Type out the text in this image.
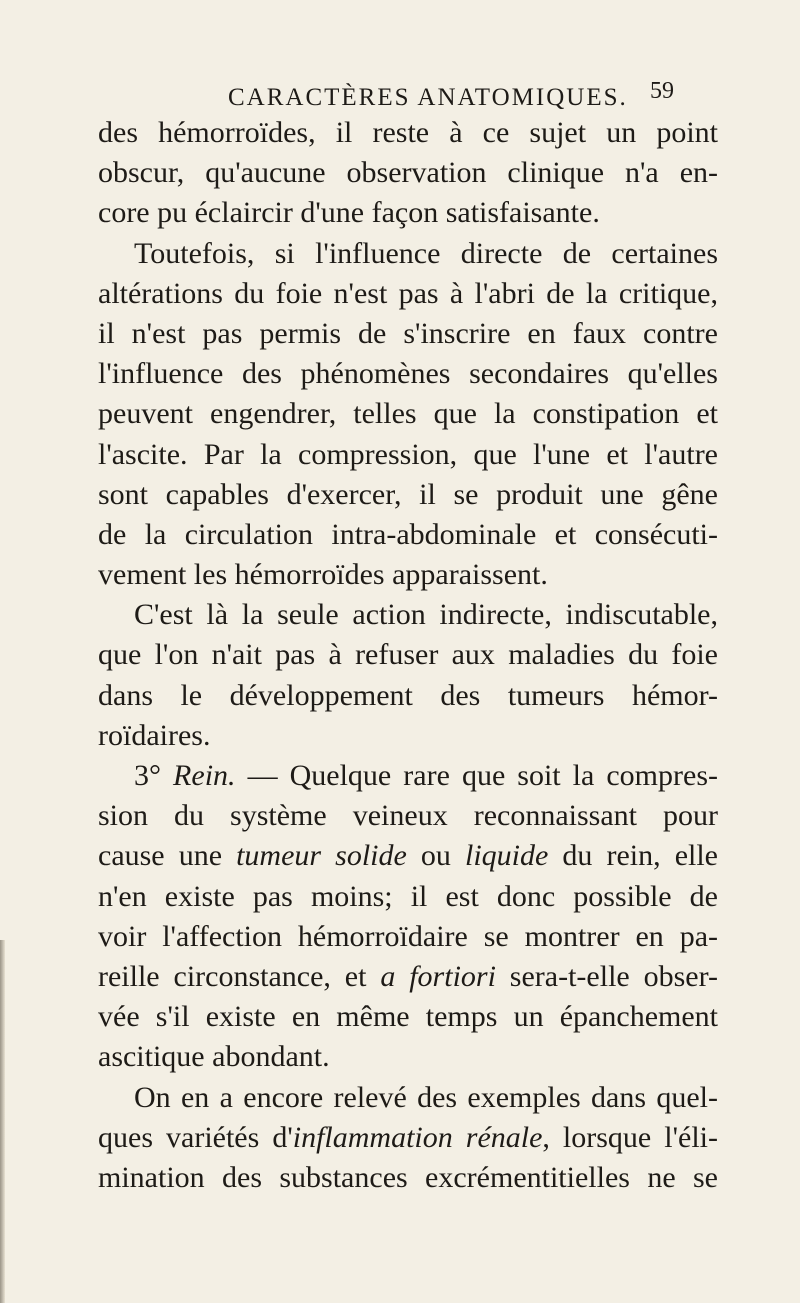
CARACTÈRES ANATOMIQUES. 59
des hémorroïdes, il reste à ce sujet un point
obscur, qu'aucune observation clinique n'a en-
core pu éclaircir d'une façon satisfaisante.
Toutefois, si l'influence directe de certaines
altérations du foie n'est pas à l'abri de la critique,
il n'est pas permis de s'inscrire en faux contre
l'influence des phénomènes secondaires qu'elles
peuvent engendrer, telles que la constipation et
l'ascite. Par la compression, que l'une et l'autre
sont capables d'exercer, il se produit une gêne
de la circulation intra-abdominale et consécuti-
vement les hémorroïdes apparaissent.
C'est là la seule action indirecte, indiscutable,
que l'on n'ait pas à refuser aux maladies du foie
dans le développement des tumeurs hémor-
roïdaires.
3° Rein. — Quelque rare que soit la compres-
sion du système veineux reconnaissant pour
cause une tumeur solide ou liquide du rein, elle
n'en existe pas moins; il est donc possible de
voir l'affection hémorroïdaire se montrer en pa-
reille circonstance, et a fortiori sera-t-elle obser-
vée s'il existe en même temps un épanchement
ascitique abondant.
On en a encore relevé des exemples dans quel-
ques variétés d'inflammation rénale, lorsque l'éli-
mination des substances excrémentitielles ne se
